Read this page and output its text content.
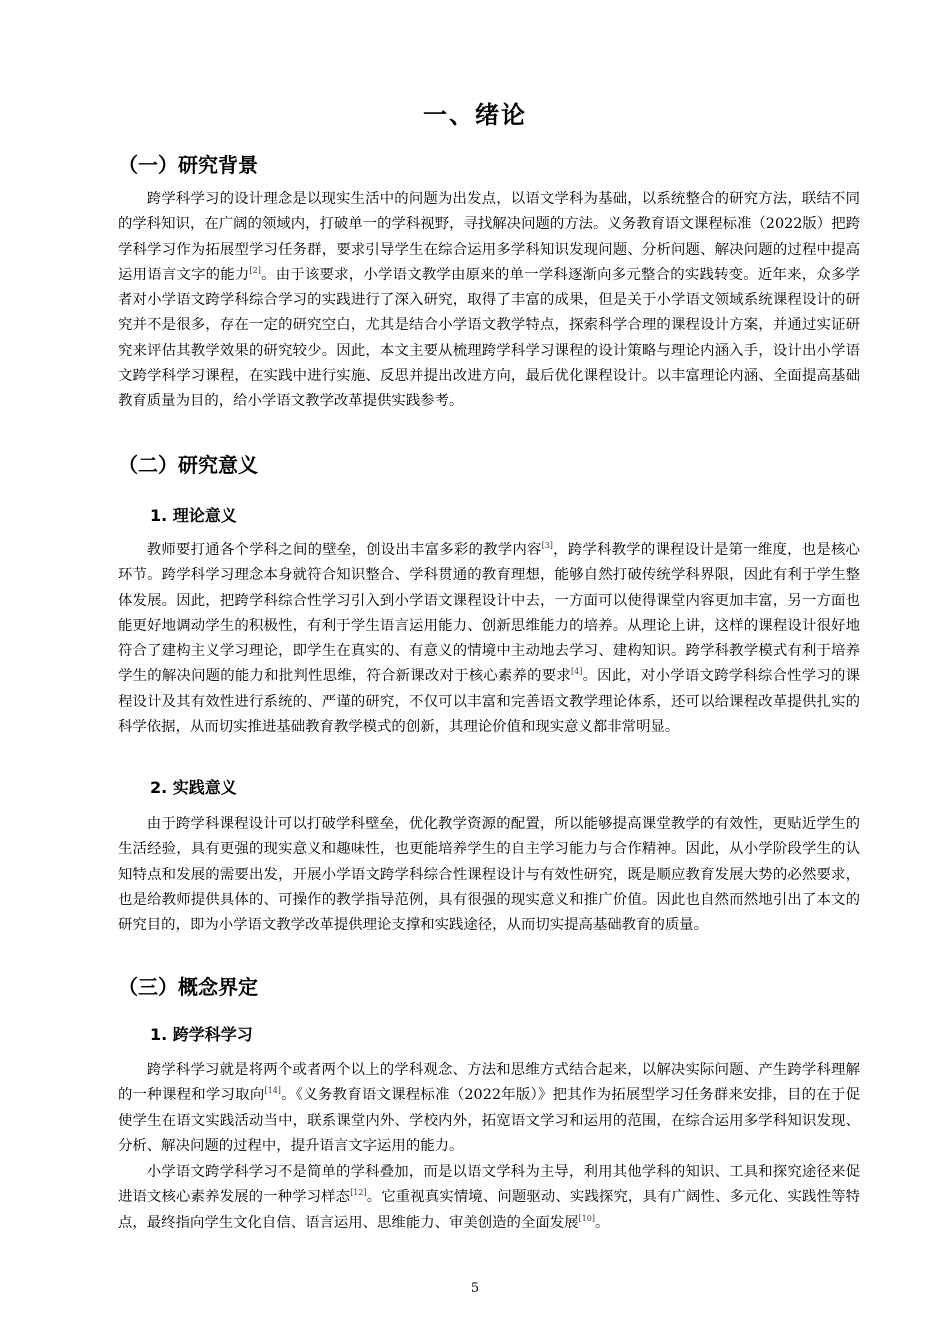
一、绪论
（一）研究背景

跨学科学习的设计理念是以现实生活中的问题为出发点，以语文学科为基础，以系统整合的研究方法，联结不同的学科知识，在广阔的领域内，打破单一的学科视野，寻找解决问题的方法。义务教育语文课程标准（2022版）把跨学科学习作为拓展型学习任务群，要求引导学生在综合运用多学科知识发现问题、分析问题、解决问题的过程中提高运用语言文字的能力[2]。由于该要求，小学语文教学由原来的单一学科逐渐向多元整合的实践转变。近年来，众多学者对小学语文跨学科综合学习的实践进行了深入研究，取得了丰富的成果，但是关于小学语文领域系统课程设计的研究并不是很多，存在一定的研究空白，尤其是结合小学语文教学特点，探索科学合理的课程设计方案，并通过实证研究来评估其教学效果的研究较少。因此，本文主要从梳理跨学科学习课程的设计策略与理论内涵入手，设计出小学语文跨学科学习课程，在实践中进行实施、反思并提出改进方向，最后优化课程设计。以丰富理论内涵、全面提高基础教育质量为目的，给小学语文教学改革提供实践参考。

（二）研究意义
1. 理论意义

教师要打通各个学科之间的壁垒，创设出丰富多彩的教学内容[3]，跨学科教学的课程设计是第一维度，也是核心环节。跨学科学习理念本身就符合知识整合、学科贯通的教育理想，能够自然打破传统学科界限，因此有利于学生整体发展。因此，把跨学科综合性学习引入到小学语文课程设计中去，一方面可以使得课堂内容更加丰富，另一方面也能更好地调动学生的积极性，有利于学生语言运用能力、创新思维能力的培养。从理论上讲，这样的课程设计很好地符合了建构主义学习理论，即学生在真实的、有意义的情境中主动地去学习、建构知识。跨学科教学模式有利于培养学生的解决问题的能力和批判性思维，符合新课改对于核心素养的要求[4]。因此，对小学语文跨学科综合性学习的课程设计及其有效性进行系统的、严谨的研究，不仅可以丰富和完善语文教学理论体系，还可以给课程改革提供扎实的科学依据，从而切实推进基础教育教学模式的创新，其理论价值和现实意义都非常明显。

2. 实践意义

由于跨学科课程设计可以打破学科壁垒，优化教学资源的配置，所以能够提高课堂教学的有效性，更贴近学生的生活经验，具有更强的现实意义和趣味性，也更能培养学生的自主学习能力与合作精神。因此，从小学阶段学生的认知特点和发展的需要出发，开展小学语文跨学科综合性课程设计与有效性研究，既是顺应教育发展大势的必然要求，也是给教师提供具体的、可操作的教学指导范例，具有很强的现实意义和推广价值。因此也自然而然地引出了本文的研究目的，即为小学语文教学改革提供理论支撑和实践途径，从而切实提高基础教育的质量。

（三）概念界定
1. 跨学科学习

跨学科学习就是将两个或者两个以上的学科观念、方法和思维方式结合起来，以解决实际问题、产生跨学科理解的一种课程和学习取向[14]。《义务教育语文课程标准（2022年版）》把其作为拓展型学习任务群来安排，目的在于促使学生在语文实践活动当中，联系课堂内外、学校内外，拓宽语文学习和运用的范围，在综合运用多学科知识发现、分析、解决问题的过程中，提升语言文字运用的能力。

小学语文跨学科学习不是简单的学科叠加，而是以语文学科为主导，利用其他学科的知识、工具和探究途径来促进语文核心素养发展的一种学习样态[12]。它重视真实情境、问题驱动、实践探究，具有广阔性、多元化、实践性等特点，最终指向学生文化自信、语言运用、思维能力、审美创造的全面发展[10]。

5
